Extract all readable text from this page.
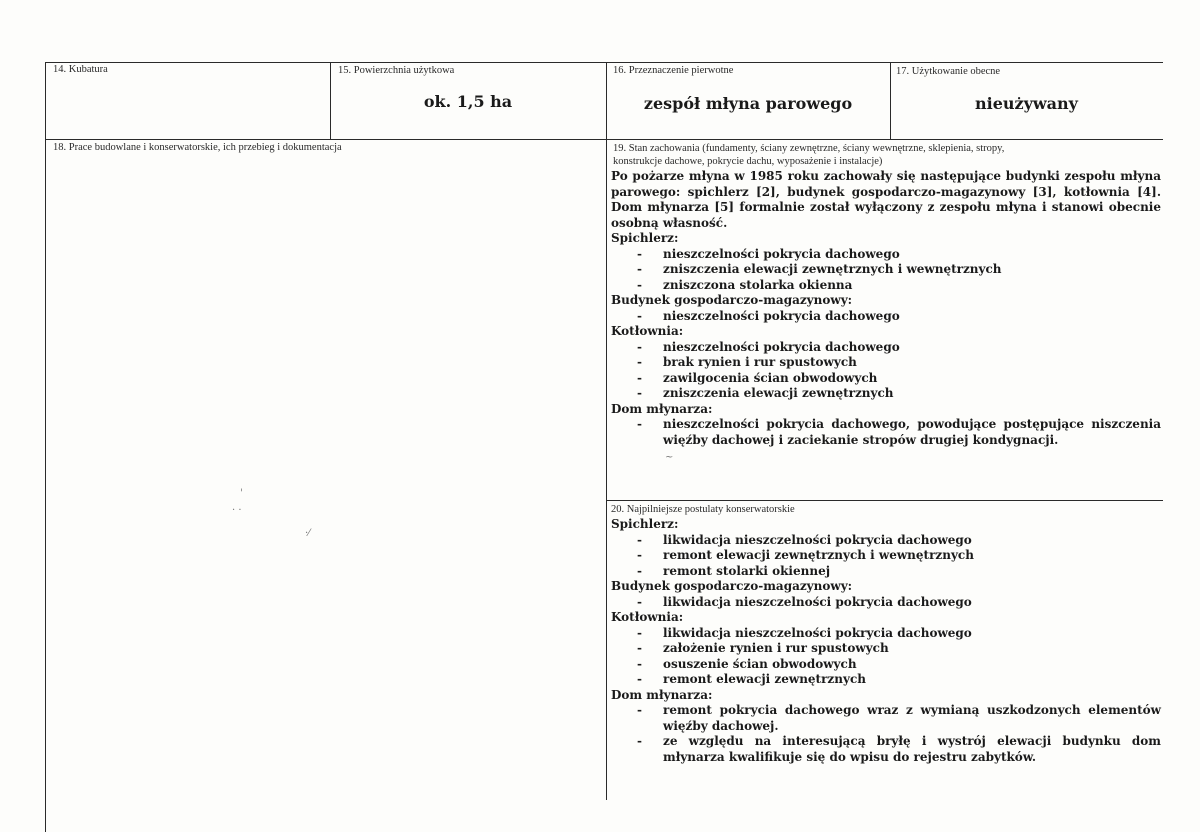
14. Kubatura	15. Powierzchnia użytkowa
ok. 1,5 ha
16. Przeznaczenie pierwotne
zespół młyna parowego
17. Użytkowanie obecne
nieużywany
18. Prace budowlane i konserwatorskie, ich przebieg i dokumentacja	19. Stan zachowania (fundamenty, ściany zewnętrzne, ściany wewnętrzne, sklepienia, stropy,
konstrukcje dachowe, pokrycie dachu, wyposażenie i instalacje)

Po pożarze młyna w 1985 roku zachowały się następujące budynki zespołu młyna parowego: spichlerz [2], budynek gospodarczo-magazynowy [3], kotłownia [4]. Dom młynarza [5] formalnie został wyłączony z zespołu młyna i stanowi obecnie osobną własność.

Spichlerz:

- nieszczelności pokrycia dachowego
- zniszczenia elewacji zewnętrznych i wewnętrznych
- zniszczona stolarka okienna

Budynek gospodarczo-magazynowy:

- nieszczelności pokrycia dachowego

Kotłownia:

- nieszczelności pokrycia dachowego
- brak rynien i rur spustowych
- zawilgocenia ścian obwodowych
- zniszczenia elewacji zewnętrznych

Dom młynarza:

- nieszczelności pokrycia dachowego, powodujące postępujące niszczenia więźby dachowej i zaciekanie stropów drugiej kondygnacji.
20. Najpilniejsze postulaty konserwatorskie

Spichlerz:

- likwidacja nieszczelności pokrycia dachowego
- remont elewacji zewnętrznych i wewnętrznych
- remont stolarki okiennej

Budynek gospodarczo-magazynowy:

- likwidacja nieszczelności pokrycia dachowego

Kotłownia:

- likwidacja nieszczelności pokrycia dachowego
- założenie rynien i rur spustowych
- osuszenie ścian obwodowych
- remont elewacji zewnętrznych

Dom młynarza:

- remont pokrycia dachowego wraz z wymianą uszkodzonych elementów więźby dachowej.
- ze względu na interesującą bryłę i wystrój elewacji budynku dom młynarza kwalifikuje się do wpisu do rejestru zabytków.
'
· ·
·⁄
~
